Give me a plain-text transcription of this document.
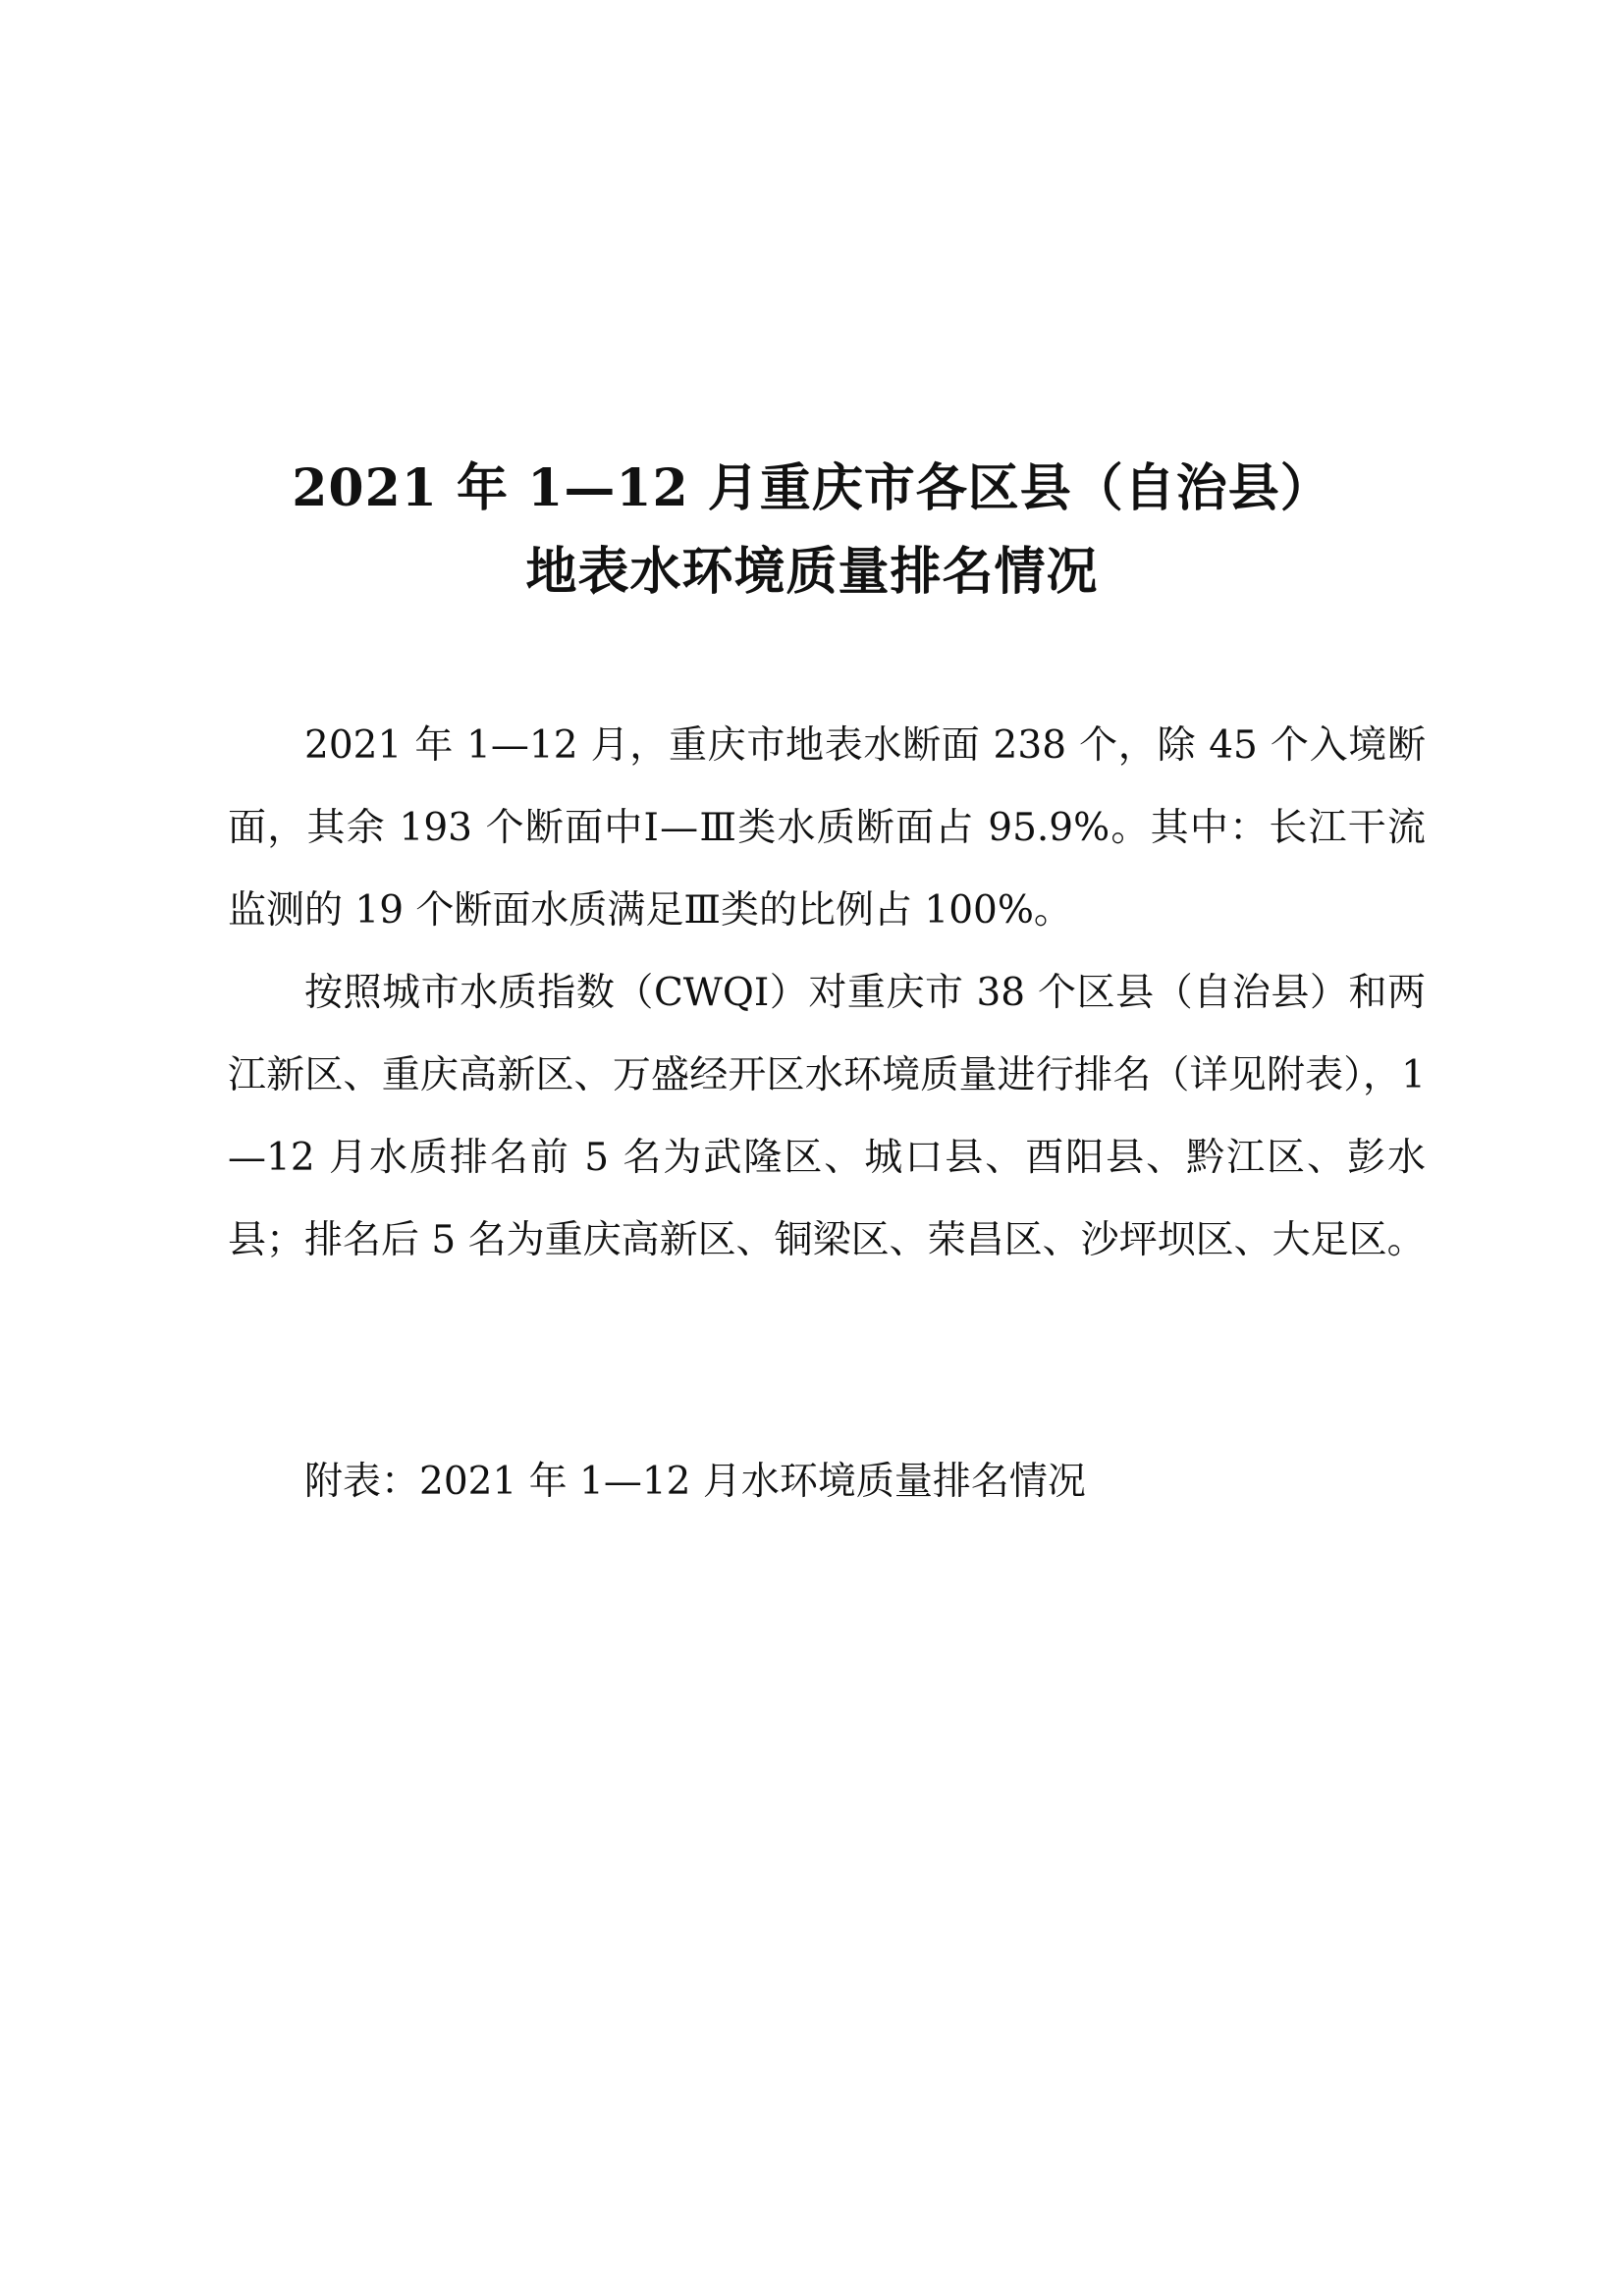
2021 年 1—12 月重庆市各区县（自治县）
地表水环境质量排名情况

2021 年 1—12 月，重庆市地表水断面 238 个，除 45 个入境断面，其余 193 个断面中Ⅰ—Ⅲ类水质断面占 95.9%。其中：长江干流监测的 19 个断面水质满足Ⅲ类的比例占 100%。

按照城市水质指数（CWQI）对重庆市 38 个区县（自治县）和两江新区、重庆高新区、万盛经开区水环境质量进行排名（详见附表），1—12 月水质排名前 5 名为武隆区、城口县、酉阳县、黔江区、彭水县；排名后 5 名为重庆高新区、铜梁区、荣昌区、沙坪坝区、大足区。

附表：2021 年 1—12 月水环境质量排名情况
